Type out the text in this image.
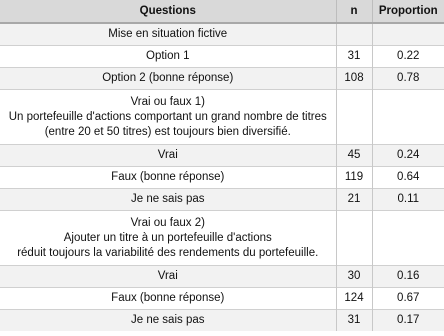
Questions	n	Proportion
Mise en situation fictive		
Option 1	31	0.22
Option 2 (bonne réponse)	108	0.78
Vrai ou faux 1)
Un portefeuille d'actions comportant un grand nombre de titres
(entre 20 et 50 titres) est toujours bien diversifié.		
Vrai	45	0.24
Faux (bonne réponse)	119	0.64
Je ne sais pas	21	0.11
Vrai ou faux 2)
Ajouter un titre à un portefeuille d'actions
réduit toujours la variabilité des rendements du portefeuille.		
Vrai	30	0.16
Faux (bonne réponse)	124	0.67
Je ne sais pas	31	0.17
